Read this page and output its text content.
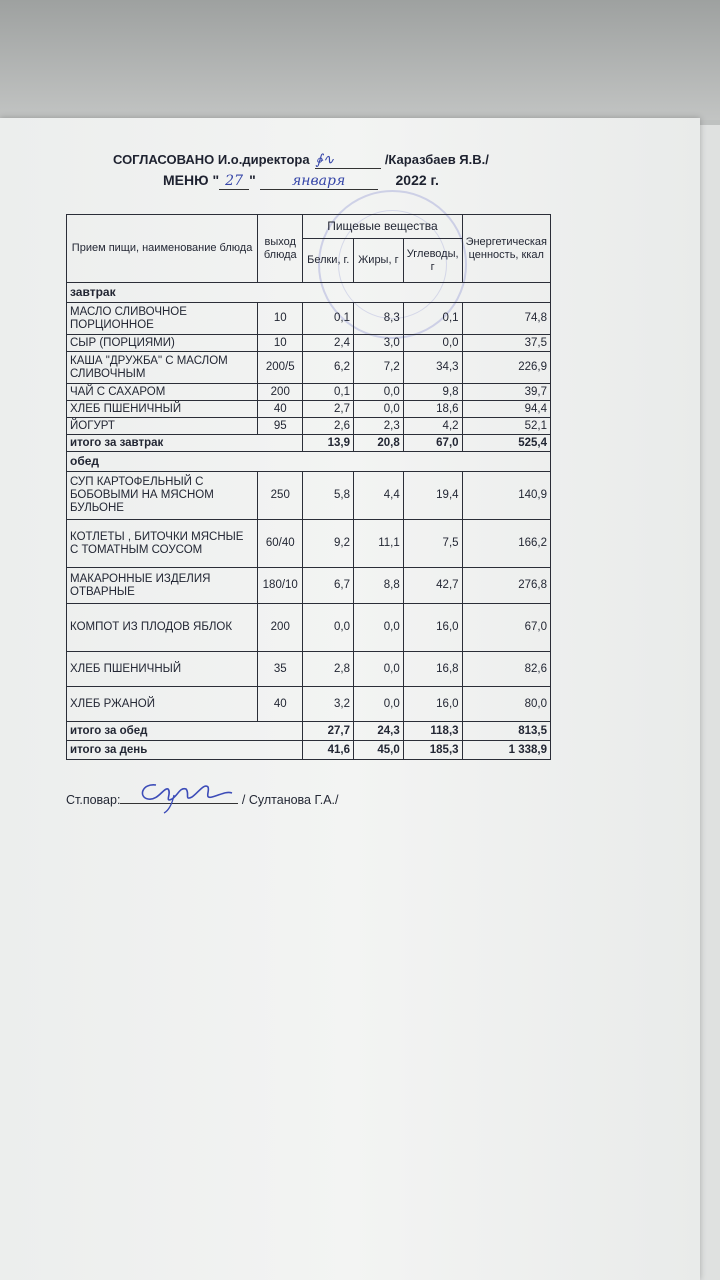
СОГЛАСОВАНО И.о.директора ∳∿	/Каразбаев Я.В./
МЕНЮ " 27 "	января	2022 г.
Прием пищи, наименование блюда	выход блюда	Пищевые вещества			Энергетическая ценность, ккал
		Белки, г.	Жиры, г	Углеводы, г	
завтрак					
МАСЛО СЛИВОЧНОЕ ПОРЦИОННОЕ	10	0,1	8,3	0,1	74,8
СЫР (ПОРЦИЯМИ)	10	2,4	3,0	0,0	37,5
КАША "ДРУЖБА" С МАСЛОМ СЛИВОЧНЫМ	200/5	6,2	7,2	34,3	226,9
ЧАЙ С САХАРОМ	200	0,1	0,0	9,8	39,7
ХЛЕБ ПШЕНИЧНЫЙ	40	2,7	0,0	18,6	94,4
ЙОГУРТ	95	2,6	2,3	4,2	52,1
итого за завтрак		13,9	20,8	67,0	525,4
обед					
СУП КАРТОФЕЛЬНЫЙ С БОБОВЫМИ НА МЯСНОМ БУЛЬОНЕ	250	5,8	4,4	19,4	140,9
КОТЛЕТЫ , БИТОЧКИ МЯСНЫЕ С ТОМАТНЫМ СОУСОМ	60/40	9,2	11,1	7,5	166,2
МАКАРОННЫЕ ИЗДЕЛИЯ ОТВАРНЫЕ	180/10	6,7	8,8	42,7	276,8
КОМПОТ ИЗ ПЛОДОВ ЯБЛОК	200	0,0	0,0	16,0	67,0
ХЛЕБ ПШЕНИЧНЫЙ	35	2,8	0,0	16,8	82,6
ХЛЕБ РЖАНОЙ	40	3,2	0,0	16,0	80,0
итого за обед		27,7	24,3	118,3	813,5
итого за день		41,6	45,0	185,3	1 338,9
Ст.повар:	/ Султанова Г.А./
